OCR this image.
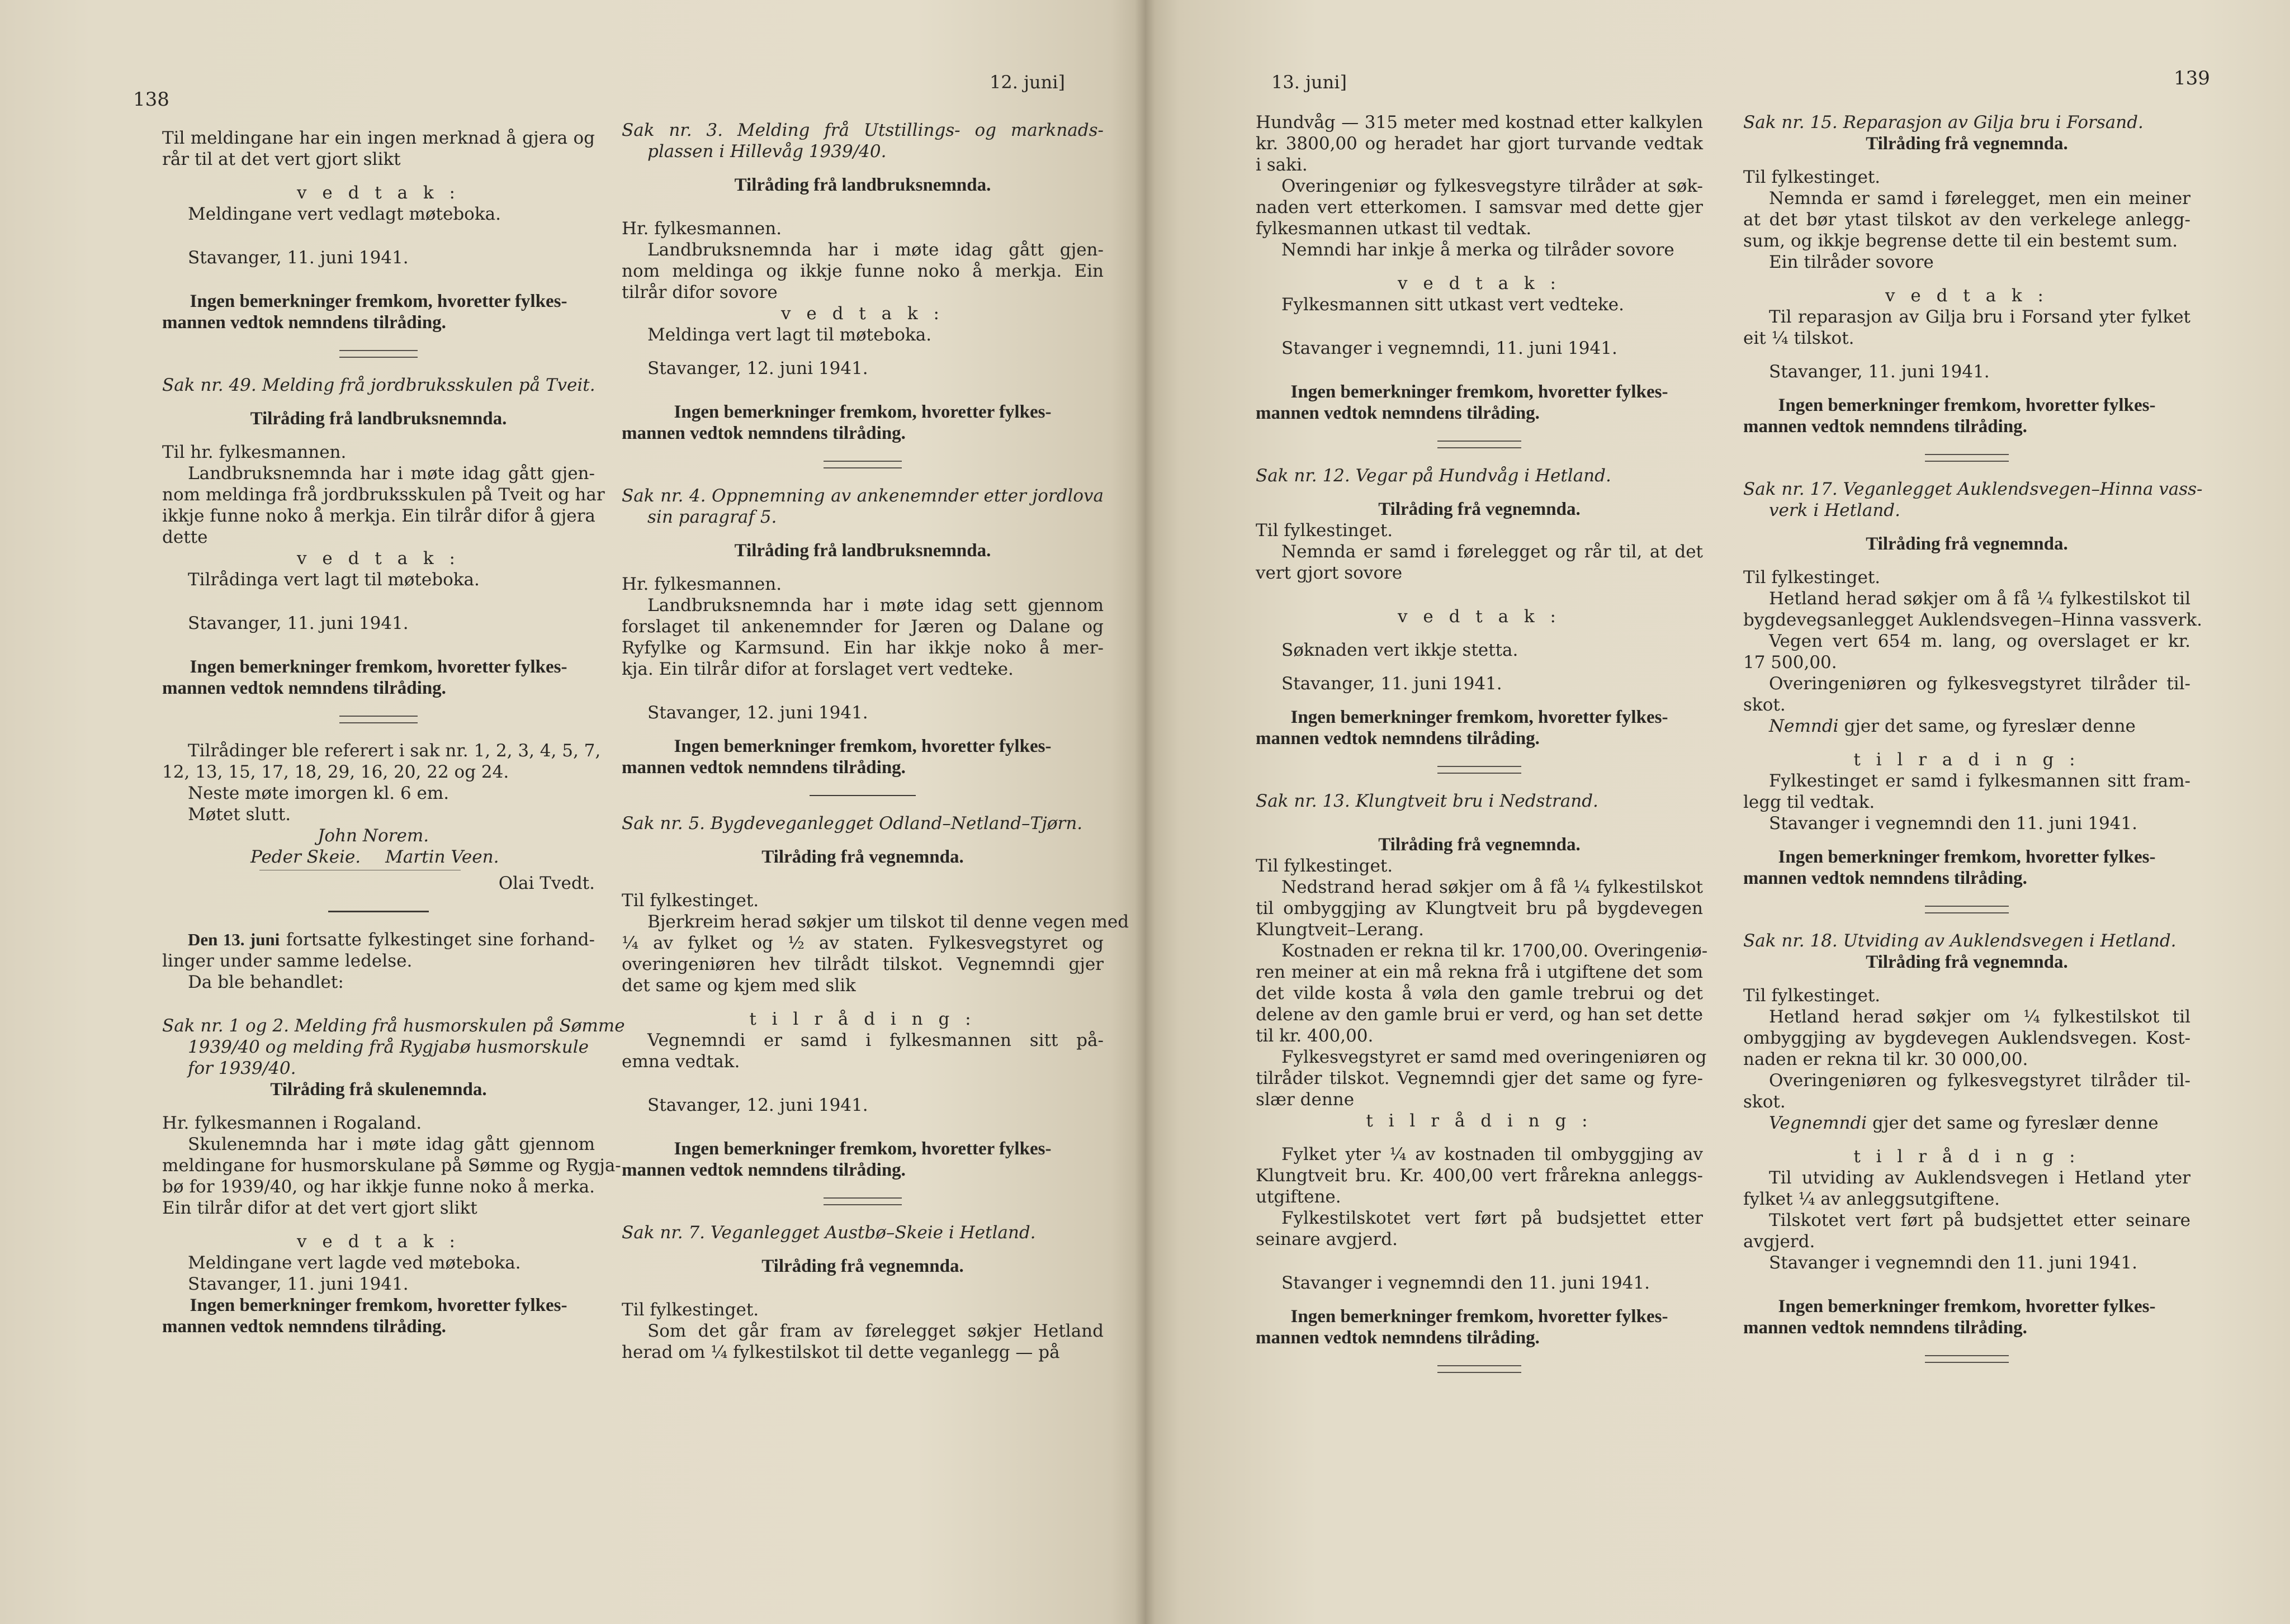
138
12. juni]

Til meldingane har ein ingen merknad å gjera og

rår til at det vert gjort slikt

v e d t a k :

Meldingane vert vedlagt møteboka.

Stavanger, 11. juni 1941.

Ingen bemerkninger fremkom, hvoretter fylkes-

mannen vedtok nemndens tilråding.

Sak nr. 49. Melding frå jordbruksskulen på Tveit.

Tilråding frå landbruksnemnda.

Til hr. fylkesmannen.

Landbruksnemnda har i møte idag gått gjen-

nom meldinga frå jordbruksskulen på Tveit og har

ikkje funne noko å merkja. Ein tilrår difor å gjera

dette

v e d t a k :

Tilrådinga vert lagt til møteboka.

Stavanger, 11. juni 1941.

Ingen bemerkninger fremkom, hvoretter fylkes-

mannen vedtok nemndens tilråding.

Tilrådinger ble referert i sak nr. 1, 2, 3, 4, 5, 7,

12, 13, 15, 17, 18, 29, 16, 20, 22 og 24.

Neste møte imorgen kl. 6 em.

Møtet slutt.

John Norem.

Peder Skeie. Martin Veen.

Olai Tvedt.

Den 13. juni fortsatte fylkestinget sine forhand-

linger under samme ledelse.

Da ble behandlet:

Sak nr. 1 og 2. Melding frå husmorskulen på Sømme

1939/40 og melding frå Rygjabø husmorskule

for 1939/40.

Tilråding frå skulenemnda.

Hr. fylkesmannen i Rogaland.

Skulenemnda har i møte idag gått gjennom

meldingane for husmorskulane på Sømme og Rygja-

bø for 1939/40, og har ikkje funne noko å merka.

Ein tilrår difor at det vert gjort slikt

v e d t a k :

Meldingane vert lagde ved møteboka.

Stavanger, 11. juni 1941.

Ingen bemerkninger fremkom, hvoretter fylkes-

mannen vedtok nemndens tilråding.

Sak nr. 3. Melding frå Utstillings- og marknads-

plassen i Hillevåg 1939/40.

Tilråding frå landbruksnemnda.

Hr. fylkesmannen.

Landbruksnemnda har i møte idag gått gjen-

nom meldinga og ikkje funne noko å merkja. Ein

tilrår difor sovore

v e d t a k :

Meldinga vert lagt til møteboka.

Stavanger, 12. juni 1941.

Ingen bemerkninger fremkom, hvoretter fylkes-

mannen vedtok nemndens tilråding.

Sak nr. 4. Oppnemning av ankenemnder etter jordlova

sin paragraf 5.

Tilråding frå landbruksnemnda.

Hr. fylkesmannen.

Landbruksnemnda har i møte idag sett gjennom

forslaget til ankenemnder for Jæren og Dalane og

Ryfylke og Karmsund. Ein har ikkje noko å mer-

kja. Ein tilrår difor at forslaget vert vedteke.

Stavanger, 12. juni 1941.

Ingen bemerkninger fremkom, hvoretter fylkes-

mannen vedtok nemndens tilråding.

Sak nr. 5. Bygdeveganlegget Odland–Netland–Tjørn.

Tilråding frå vegnemnda.

Til fylkestinget.

Bjerkreim herad søkjer um tilskot til denne vegen med

¼ av fylket og ½ av staten. Fylkesvegstyret og

overingeniøren hev tilrådt tilskot. Vegnemndi gjer

det same og kjem med slik

t i l r å d i n g :

Vegnemndi er samd i fylkesmannen sitt på-

emna vedtak.

Stavanger, 12. juni 1941.

Ingen bemerkninger fremkom, hvoretter fylkes-

mannen vedtok nemndens tilråding.

Sak nr. 7. Veganlegget Austbø–Skeie i Hetland.

Tilråding frå vegnemnda.

Til fylkestinget.

Som det går fram av førelegget søkjer Hetland

herad om ¼ fylkestilskot til dette veganlegg — på

13. juni]	139

Hundvåg — 315 meter med kostnad etter kalkylen

kr. 3800,00 og heradet har gjort turvande vedtak

i saki.

Overingeniør og fylkesvegstyre tilråder at søk-

naden vert etterkomen. I samsvar med dette gjer

fylkesmannen utkast til vedtak.

Nemndi har inkje å merka og tilråder sovore

v e d t a k :

Fylkesmannen sitt utkast vert vedteke.

Stavanger i vegnemndi, 11. juni 1941.

Ingen bemerkninger fremkom, hvoretter fylkes-

mannen vedtok nemndens tilråding.

Sak nr. 12. Vegar på Hundvåg i Hetland.

Tilråding frå vegnemnda.

Til fylkestinget.

Nemnda er samd i førelegget og rår til, at det

vert gjort sovore

v e d t a k :

Søknaden vert ikkje stetta.

Stavanger, 11. juni 1941.

Ingen bemerkninger fremkom, hvoretter fylkes-

mannen vedtok nemndens tilråding.

Sak nr. 13. Klungtveit bru i Nedstrand.

Tilråding frå vegnemnda.

Til fylkestinget.

Nedstrand herad søkjer om å få ¼ fylkestilskot

til ombyggjing av Klungtveit bru på bygdevegen

Klungtveit–Lerang.

Kostnaden er rekna til kr. 1700,00. Overingeniø-

ren meiner at ein må rekna frå i utgiftene det som

det vilde kosta å vøla den gamle trebrui og det

delene av den gamle brui er verd, og han set dette

til kr. 400,00.

Fylkesvegstyret er samd med overingeniøren og

tilråder tilskot. Vegnemndi gjer det same og fyre-

slær denne

t i l r å d i n g :

Fylket yter ¼ av kostnaden til ombyggjing av

Klungtveit bru. Kr. 400,00 vert frårekna anleggs-

utgiftene.

Fylkestilskotet vert ført på budsjettet etter

seinare avgjerd.

Stavanger i vegnemndi den 11. juni 1941.

Ingen bemerkninger fremkom, hvoretter fylkes-

mannen vedtok nemndens tilråding.

Sak nr. 15. Reparasjon av Gilja bru i Forsand.

Tilråding frå vegnemnda.

Til fylkestinget.

Nemnda er samd i førelegget, men ein meiner

at det bør ytast tilskot av den verkelege anlegg-

sum, og ikkje begrense dette til ein bestemt sum.

Ein tilråder sovore

v e d t a k :

Til reparasjon av Gilja bru i Forsand yter fylket

eit ¼ tilskot.

Stavanger, 11. juni 1941.

Ingen bemerkninger fremkom, hvoretter fylkes-

mannen vedtok nemndens tilråding.

Sak nr. 17. Veganlegget Auklendsvegen–Hinna vass-

verk i Hetland.

Tilråding frå vegnemnda.

Til fylkestinget.

Hetland herad søkjer om å få ¼ fylkestilskot til

bygdevegsanlegget Auklendsvegen–Hinna vassverk.

Vegen vert 654 m. lang, og overslaget er kr.

17 500,00.

Overingeniøren og fylkesvegstyret tilråder til-

skot.

Nemndi gjer det same, og fyreslær denne

t i l r a d i n g :

Fylkestinget er samd i fylkesmannen sitt fram-

legg til vedtak.

Stavanger i vegnemndi den 11. juni 1941.

Ingen bemerkninger fremkom, hvoretter fylkes-

mannen vedtok nemndens tilråding.

Sak nr. 18. Utviding av Auklendsvegen i Hetland.

Tilråding frå vegnemnda.

Til fylkestinget.

Hetland herad søkjer om ¼ fylkestilskot til

ombyggjing av bygdevegen Auklendsvegen. Kost-

naden er rekna til kr. 30 000,00.

Overingeniøren og fylkesvegstyret tilråder til-

skot.

Vegnemndi gjer det same og fyreslær denne

t i l r å d i n g :

Til utviding av Auklendsvegen i Hetland yter

fylket ¼ av anleggsutgiftene.

Tilskotet vert ført på budsjettet etter seinare

avgjerd.

Stavanger i vegnemndi den 11. juni 1941.

Ingen bemerkninger fremkom, hvoretter fylkes-

mannen vedtok nemndens tilråding.
